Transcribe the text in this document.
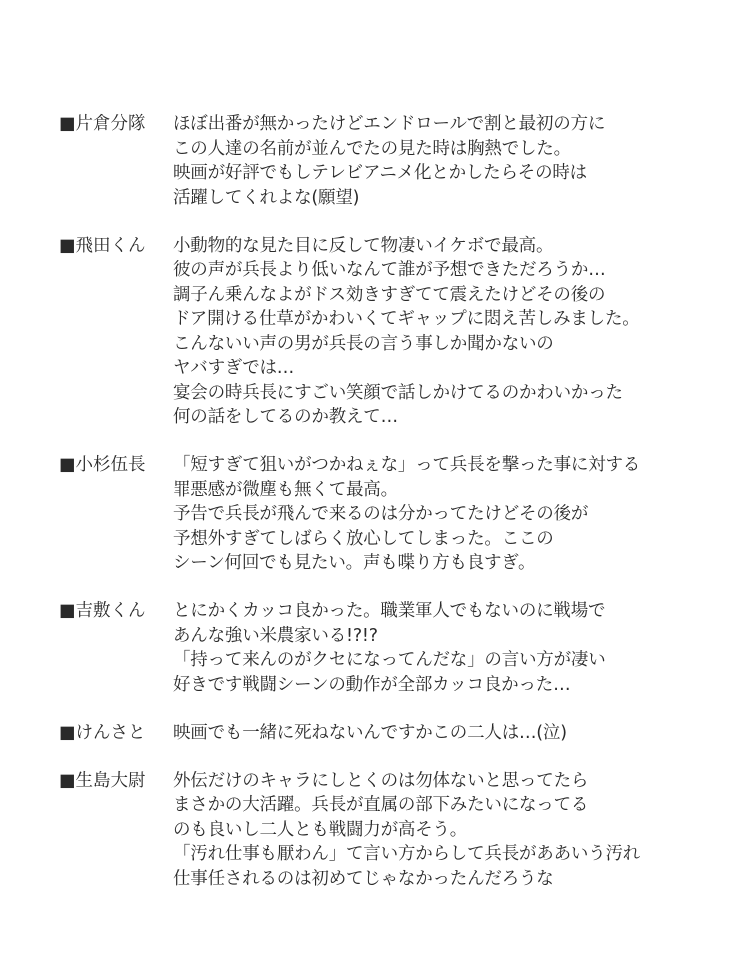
■片倉分隊	ほぼ出番が無かったけどエンドロールで割と最初の方に
この人達の名前が並んでたの見た時は胸熱でした。
映画が好評でもしテレビアニメ化とかしたらその時は
活躍してくれよな(願望)
■飛田くん	小動物的な見た目に反して物凄いイケボで最高。
彼の声が兵長より低いなんて誰が予想できただろうか…
調子ん乗んなよがドス効きすぎてて震えたけどその後の
ドア開ける仕草がかわいくてギャップに悶え苦しみました。
こんないい声の男が兵長の言う事しか聞かないの
ヤバすぎでは…
宴会の時兵長にすごい笑顔で話しかけてるのかわいかった
何の話をしてるのか教えて…
■小杉伍長	「短すぎて狙いがつかねぇな」って兵長を撃った事に対する
罪悪感が微塵も無くて最高。
予告で兵長が飛んで来るのは分かってたけどその後が
予想外すぎてしばらく放心してしまった。ここの
シーン何回でも見たい。声も喋り方も良すぎ。
■吉敷くん	とにかくカッコ良かった。職業軍人でもないのに戦場で
あんな強い米農家いる!?!?
「持って来んのがクセになってんだな」の言い方が凄い
好きです戦闘シーンの動作が全部カッコ良かった…
■けんさと	映画でも一緒に死ねないんですかこの二人は…(泣)
■生島大尉	外伝だけのキャラにしとくのは勿体ないと思ってたら
まさかの大活躍。兵長が直属の部下みたいになってる
のも良いし二人とも戦闘力が高そう。
「汚れ仕事も厭わん」て言い方からして兵長がああいう汚れ
仕事任されるのは初めてじゃなかったんだろうな
